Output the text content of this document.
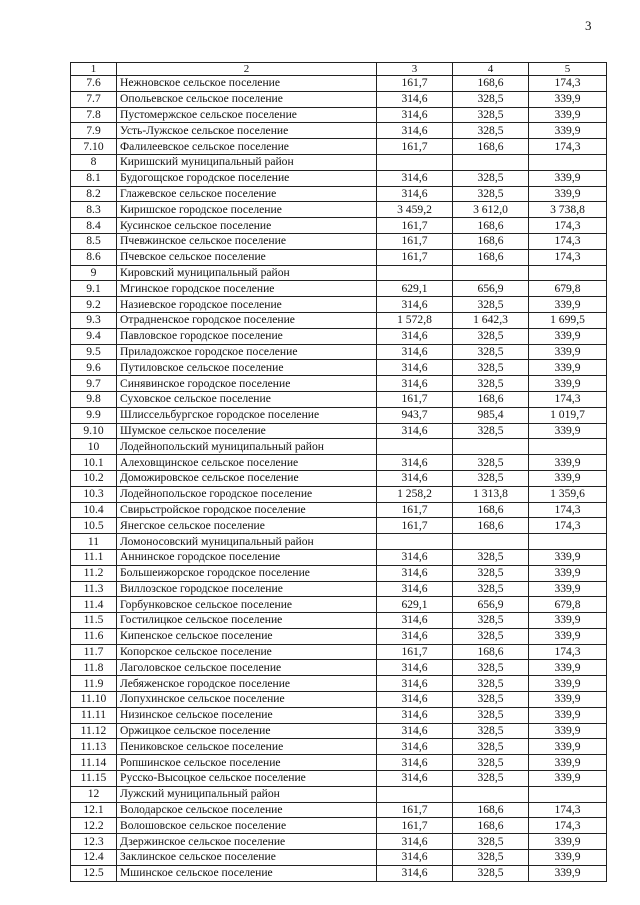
3
1	2	3	4	5
7.6	Нежновское сельское поселение	161,7	168,6	174,3
7.7	Опольевское сельское поселение	314,6	328,5	339,9
7.8	Пустомержское сельское поселение	314,6	328,5	339,9
7.9	Усть-Лужское сельское поселение	314,6	328,5	339,9
7.10	Фалилеевское сельское поселение	161,7	168,6	174,3
8	Киришский муниципальный район			
8.1	Будогощское городское поселение	314,6	328,5	339,9
8.2	Глажевское сельское поселение	314,6	328,5	339,9
8.3	Киришское городское поселение	3 459,2	3 612,0	3 738,8
8.4	Кусинское сельское поселение	161,7	168,6	174,3
8.5	Пчевжинское сельское поселение	161,7	168,6	174,3
8.6	Пчевское сельское поселение	161,7	168,6	174,3
9	Кировский муниципальный район			
9.1	Мгинское городское поселение	629,1	656,9	679,8
9.2	Назиевское городское поселение	314,6	328,5	339,9
9.3	Отрадненское городское поселение	1 572,8	1 642,3	1 699,5
9.4	Павловское городское поселение	314,6	328,5	339,9
9.5	Приладожское городское поселение	314,6	328,5	339,9
9.6	Путиловское сельское поселение	314,6	328,5	339,9
9.7	Синявинское городское поселение	314,6	328,5	339,9
9.8	Суховское сельское поселение	161,7	168,6	174,3
9.9	Шлиссельбургское городское поселение	943,7	985,4	1 019,7
9.10	Шумское сельское поселение	314,6	328,5	339,9
10	Лодейнопольский муниципальный район			
10.1	Алеховщинское сельское поселение	314,6	328,5	339,9
10.2	Доможировское сельское поселение	314,6	328,5	339,9
10.3	Лодейнопольское городское поселение	1 258,2	1 313,8	1 359,6
10.4	Свирьстройское городское поселение	161,7	168,6	174,3
10.5	Янегское сельское поселение	161,7	168,6	174,3
11	Ломоносовский муниципальный район			
11.1	Аннинское городское поселение	314,6	328,5	339,9
11.2	Большеижорское городское поселение	314,6	328,5	339,9
11.3	Виллозское городское поселение	314,6	328,5	339,9
11.4	Горбунковское сельское поселение	629,1	656,9	679,8
11.5	Гостилицкое сельское поселение	314,6	328,5	339,9
11.6	Кипенское сельское поселение	314,6	328,5	339,9
11.7	Копорское сельское поселение	161,7	168,6	174,3
11.8	Лаголовское сельское поселение	314,6	328,5	339,9
11.9	Лебяженское городское поселение	314,6	328,5	339,9
11.10	Лопухинское сельское поселение	314,6	328,5	339,9
11.11	Низинское сельское поселение	314,6	328,5	339,9
11.12	Оржицкое сельское поселение	314,6	328,5	339,9
11.13	Пениковское сельское поселение	314,6	328,5	339,9
11.14	Ропшинское сельское поселение	314,6	328,5	339,9
11.15	Русско-Высоцкое сельское поселение	314,6	328,5	339,9
12	Лужский муниципальный район			
12.1	Володарское сельское поселение	161,7	168,6	174,3
12.2	Волошовское сельское поселение	161,7	168,6	174,3
12.3	Дзержинское сельское поселение	314,6	328,5	339,9
12.4	Заклинское сельское поселение	314,6	328,5	339,9
12.5	Мшинское сельское поселение	314,6	328,5	339,9
